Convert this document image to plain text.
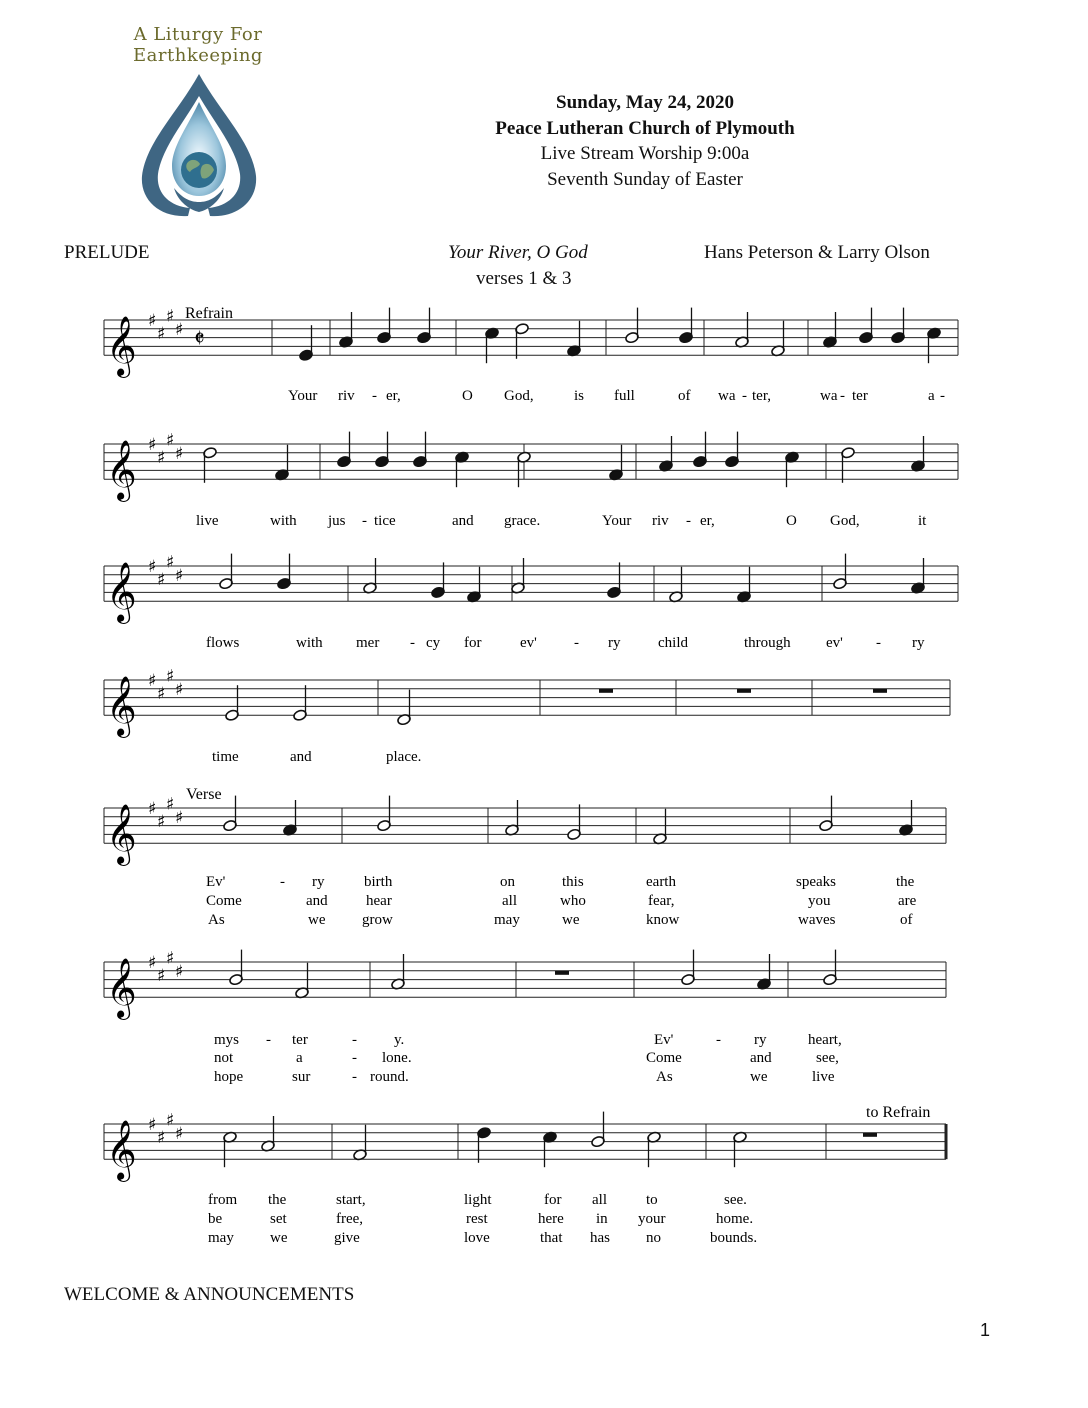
A Liturgy For
Earthkeeping
Sunday, May 24, 2020
Peace Lutheran Church of Plymouth
Live Stream Worship 9:00a
Seventh Sunday of Easter
PRELUDE	Your River, O God	Hans Peterson & Larry Olson
verses 1 & 3
𝄞 ♯
♯
♯
♯ 𝄵
𝄞 ♯
♯
♯
♯
𝄞 ♯
♯
♯
♯
𝄞 ♯
♯
♯
♯
𝄞 ♯
♯
♯
♯
𝄞 ♯
♯
♯
♯
𝄞 ♯
♯
♯
♯
Refrain
Verse
to Refrain
Your riv - er,	O God,	is full	of wa - ter,	wa - ter	a -
live	with jus - tice	and grace.	Your riv - er,	O God,	it
flows	with mer - cy for	ev' - ry	child	through ev' - ry
time	and	place.
Ev'	- ry	birth	on	this	earth	speaks	the
Come	and	hear	all	who	fear,	you	are
As	we grow	may	we	know	waves	of
mys - ter	- y.	Ev'	- ry	heart,
not	a	- lone.	Come	and	see,
hope	sur	- round.	As	we	live
from the	start,	light	for all	to	see.
be	set	free,	rest	here in your	home.
may we	give	love	that has no	bounds.
WELCOME & ANNOUNCEMENTS
1
